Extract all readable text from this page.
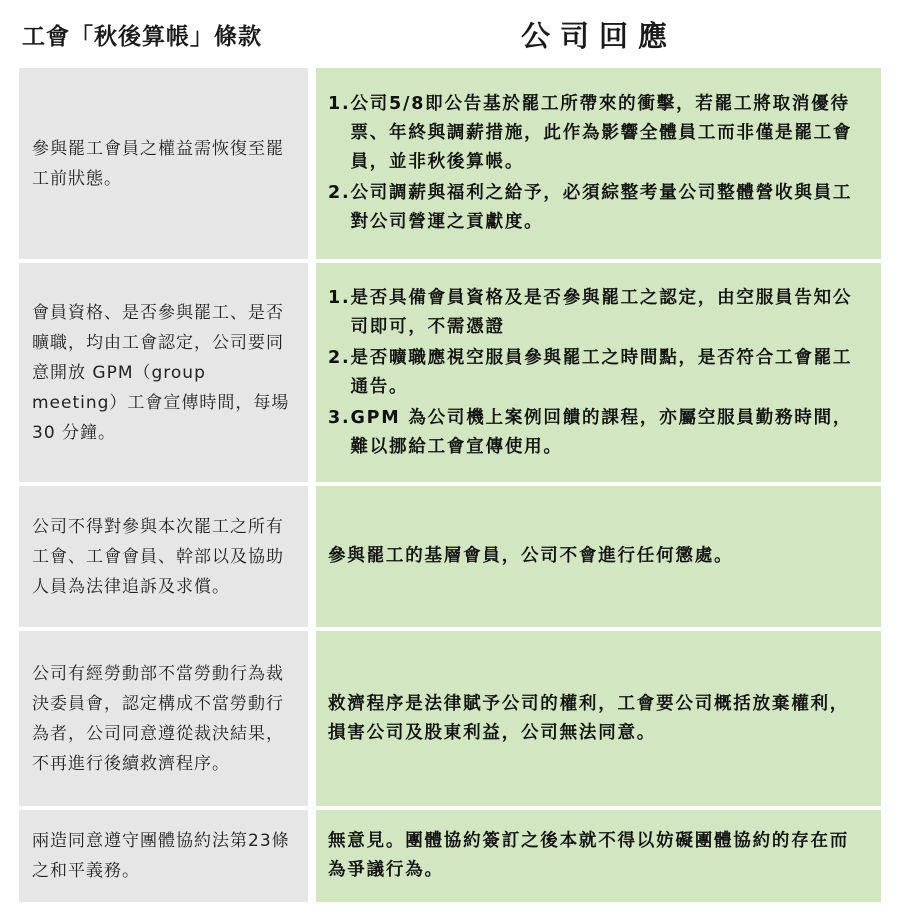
工會「秋後算帳」條款	公司回應
參與罷工會員之權益需恢復至罷工前狀態。
1. 公司5/8即公告基於罷工所帶來的衝擊，若罷工將取消優待票、年終與調薪措施，此作為影響全體員工而非僅是罷工會員，並非秋後算帳。
2. 公司調薪與福利之給予，必須綜整考量公司整體營收與員工對公司營運之貢獻度。
會員資格、是否參與罷工、是否曠職，均由工會認定，公司要同意開放 GPM（group meeting）工會宣傳時間，每場 30 分鐘。
1. 是否具備會員資格及是否參與罷工之認定，由空服員告知公司即可，不需憑證
2. 是否曠職應視空服員參與罷工之時間點，是否符合工會罷工通告。
3. GPM 為公司機上案例回饋的課程，亦屬空服員勤務時間，難以挪給工會宣傳使用。
公司不得對參與本次罷工之所有工會、工會會員、幹部以及協助人員為法律追訴及求償。
參與罷工的基層會員，公司不會進行任何懲處。
公司有經勞動部不當勞動行為裁決委員會，認定構成不當勞動行為者，公司同意遵從裁決結果，不再進行後續救濟程序。
救濟程序是法律賦予公司的權利，工會要公司概括放棄權利，損害公司及股東利益，公司無法同意。
兩造同意遵守團體協約法第23條之和平義務。
無意見。團體協約簽訂之後本就不得以妨礙團體協約的存在而為爭議行為。
